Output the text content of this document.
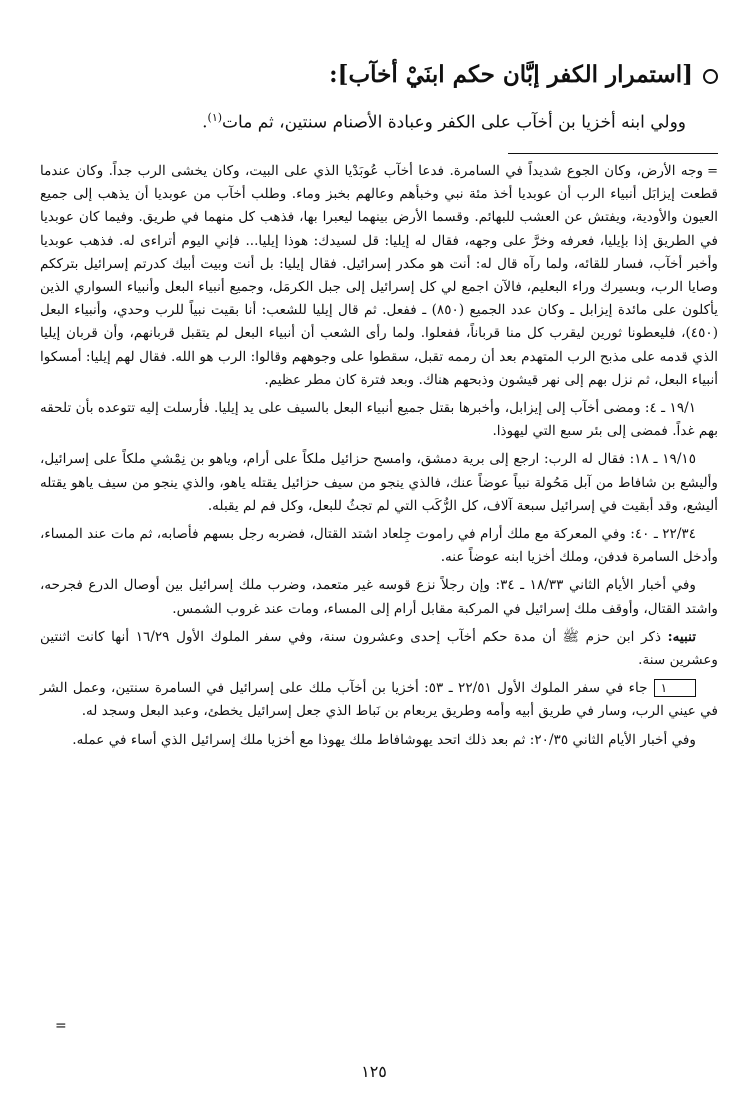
[استمرار الكفر إبَّان حكم ابنَيْ أخآب]:
وولي ابنه أخزيا بن أخآب على الكفر وعبادة الأصنام سنتين، ثم مات$^{(١)}$.

=وجه الأرض، وكان الجوع شديداً في السامرة. فدعا أخآب عُوبَدْيا الذي على البيت، وكان يخشى الرب جداً. وكان عندما قطعت إيزابَل أنبياء الرب أن عوبديا أخذ مئة نبي وخبأهم وعالهم بخبز وماء. وطلب أخآب من عوبديا أن يذهب إلى جميع العيون والأودية، ويفتش عن العشب للبهائم. وقسما الأرض بينهما ليعبرا بها، فذهب كل منهما في طريق. وفيما كان عوبديا في الطريق إذا بإيليا، فعرفه وخرَّ على وجهه، فقال له إيليا: قل لسيدك: هوذا إيليا... فإني اليوم أتراءى له. فذهب عوبديا وأخبر أخآب، فسار للقائه، ولما رآه قال له: أنت هو مكدر إسرائيل. فقال إيليا: بل أنت وبيت أبيك كدرتم إسرائيل بترككم وصايا الرب، وبسيرك وراء البعليم، فالآن اجمع لي كل إسرائيل إلى جبل الكرمَل، وجميع أنبياء البعل وأنبياء السواري الذين يأكلون على مائدة إيزابل ـ وكان عدد الجميع (٨٥٠) ـ ففعل. ثم قال إيليا للشعب: أنا بقيت نبياً للرب وحدي، وأنبياء البعل (٤٥٠)، فليعطونا ثورين ليقرب كل منا قرباناً، ففعلوا. ولما رأى الشعب أن أنبياء البعل لم يتقبل قربانهم، وأن قربان إيليا الذي قدمه على مذبح الرب المتهدم بعد أن رممه تقبل، سقطوا على وجوههم وقالوا: الرب هو الله. فقال لهم إيليا: أمسكوا أنبياء البعل، ثم نزل بهم إلى نهر قيشون وذبحهم هناك. وبعد فترة كان مطر عظيم.

١٩/١ ـ ٤: ومضى أخآب إلى إيزابل، وأخبرها بقتل جميع أنبياء البعل بالسيف على يد إيليا. فأرسلت إليه تتوعده بأن تلحقه بهم غداً. فمضى إلى بئر سبع التي ليهوذا.

١٩/١٥ ـ ١٨: فقال له الرب: ارجع إلى برية دمشق، وامسح حزائيل ملكاً على أرام، وياهو بن نِمْشي ملكاً على إسرائيل، وأليشع بن شافاط من آبل مَحُولة نبياً عوضاً عنك، فالذي ينجو من سيف حزائيل يقتله ياهو، والذي ينجو من سيف ياهو يقتله أليشع، وقد أبقيت في إسرائيل سبعة آلاف، كل الرُّكَب التي لم تجثُ للبعل، وكل فم لم يقبله.

٢٢/٣٤ ـ ٤٠: وفي المعركة مع ملك أرام في راموت جِلعاد اشتد القتال، فضربه رجل بسهم فأصابه، ثم مات عند المساء، وأدخل السامرة فدفن، وملك أخزيا ابنه عوضاً عنه.

وفي أخبار الأيام الثاني ١٨/٣٣ ـ ٣٤: وإن رجلاً نزع قوسه غير متعمد، وضرب ملك إسرائيل بين أوصال الدرع فجرحه، واشتد القتال، وأوقف ملك إسرائيل في المركبة مقابل أرام إلى المساء، ومات عند غروب الشمس.

تنبيه: ذكر ابن حزم ﷺ أن مدة حكم أخآب إحدى وعشرون سنة، وفي سفر الملوك الأول ١٦/٢٩ أنها كانت اثنتين وعشرين سنة.

١جاء في سفر الملوك الأول ٢٢/٥١ ـ ٥٣: أخزيا بن أخآب ملك على إسرائيل في السامرة سنتين، وعمل الشر في عيني الرب، وسار في طريق أبيه وأمه وطريق يربعام بن نَباط الذي جعل إسرائيل يخطئ، وعبد البعل وسجد له.

وفي أخبار الأيام الثاني ٢٠/٣٥: ثم بعد ذلك اتحد يهوشافاط ملك يهوذا مع أخزيا ملك إسرائيل الذي أساء في عمله.

=
١٢٥
